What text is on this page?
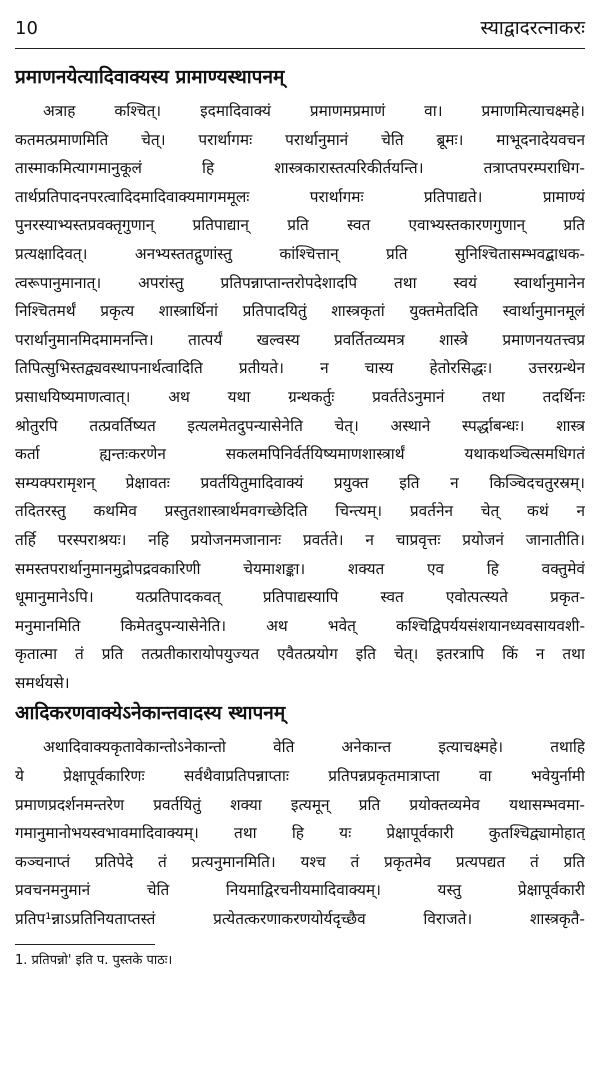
10	स्याद्वादरत्नाकरः
प्रमाणनयेत्यादिवाक्यस्य प्रामाण्यस्थापनम्
अत्राह कश्चित्। इदमादिवाक्यं प्रमाणमप्रमाणं वा। प्रमाणमित्याचक्ष्महे।
कतमत्प्रमाणमिति चेत्। परार्थागमः परार्थानुमानं चेति ब्रूमः। माभूदनादेयवचन
तास्माकमित्यागमानुकूलं हि शास्त्रकारास्तत्परिकीर्तयन्ति। तत्राप्तपरम्पराधिग-
तार्थप्रतिपादनपरत्वादिदमादिवाक्यमागममूलः परार्थागमः प्रतिपाद्यते। प्रामाण्यं
पुनरस्याभ्यस्तप्रवक्तृगुणान् प्रतिपाद्यान् प्रति स्वत एवाभ्यस्तकारणगुणान् प्रति
प्रत्यक्षादिवत्। अनभ्यस्ततद्गुणांस्तु कांश्चित्तान् प्रति सुनिश्चितासम्भवद्बाधक-
त्वरूपानुमानात्। अपरांस्तु प्रतिपन्नाप्तान्तरोपदेशादपि तथा स्वयं स्वार्थानुमानेन
निश्चितमर्थं प्रकृत्य शास्त्रार्थिनां प्रतिपादयितुं शास्त्रकृतां युक्तमेतदिति स्वार्थानुमानमूलं
परार्थानुमानमिदमामनन्ति। तात्पर्यं खल्वस्य प्रवर्तितव्यमत्र शास्त्रे प्रमाणनयतत्त्वप्र
तिपित्सुभिस्तद्व्यवस्थापनार्थत्वादिति प्रतीयते। न चास्य हेतोरसिद्धः। उत्तरग्रन्थेन
प्रसाधयिष्यमाणत्वात्। अथ यथा ग्रन्थकर्तुः प्रवर्ततेऽनुमानं तथा तदर्थिनः
श्रोतुरपि तत्प्रवर्तिष्यत इत्यलमेतदुपन्यासेनेति चेत्। अस्थाने स्पर्द्धाबन्धः। शास्त्र
कर्ता ह्यन्तःकरणेन सकलमपिनिर्वर्तयिष्यमाणशास्त्रार्थं यथाकथञ्चित्समधिगतं
सम्यक्परामृशन् प्रेक्षावतः प्रवर्तयितुमादिवाक्यं प्रयुक्त इति न किञ्चिदचतुरस्रम्।
तदितरस्तु कथमिव प्रस्तुतशास्त्रार्थमवगच्छेदिति चिन्त्यम्। प्रवर्तनेन चेत् कथं न
तर्हि परस्पराश्रयः। नहि प्रयोजनमजानानः प्रवर्तते। न चाप्रवृत्तः प्रयोजनं जानातीति।
समस्तपरार्थानुमानमुद्रोपद्रवकारिणी चेयमाशङ्का। शक्यत एव हि वक्तुमेवं
धूमानुमानेऽपि। यत्प्रतिपादकवत् प्रतिपाद्यस्यापि स्वत एवोत्पत्स्यते प्रकृत-
मनुमानमिति किमेतदुपन्यासेनेति। अथ भवेत् कश्चिद्विपर्ययसंशयानध्यवसायवशी-
कृतात्मा तं प्रति तत्प्रतीकारायोपयुज्यत एवैतत्प्रयोग इति चेत्। इतरत्रापि किं न तथा
समर्थयसे।
आदिकरणवाक्येऽनेकान्तवादस्य स्थापनम्
अथादिवाक्यकृतावेकान्तोऽनेकान्तो वेति अनेकान्त इत्याचक्ष्महे। तथाहि
ये प्रेक्षापूर्वकारिणः सर्वथैवाप्रतिपन्नाप्ताः प्रतिपन्नप्रकृतमात्राप्ता वा भवेयुर्नामी
प्रमाणप्रदर्शनमन्तरेण प्रवर्तयितुं शक्या इत्यमून् प्रति प्रयोक्तव्यमेव यथासम्भवमा-
गमानुमानोभयस्वभावमादिवाक्यम्। तथा हि यः प्रेक्षापूर्वकारी कुतश्चिद्व्यामोहात्
कञ्चनाप्तं प्रतिपेदे तं प्रत्यनुमानमिति। यश्च तं प्रकृतमेव प्रत्यपद्यत तं प्रति
प्रवचनमनुमानं चेति नियमाद्विरचनीयमादिवाक्यम्। यस्तु प्रेक्षापूर्वकारी
प्रतिप¹न्नाऽप्रतिनियताप्तस्तं प्रत्येतत्करणाकरणयोर्यदृच्छैव विराजते। शास्त्रकृतै-
1. प्रतिपन्नो' इति प. पुस्तके पाठः।
